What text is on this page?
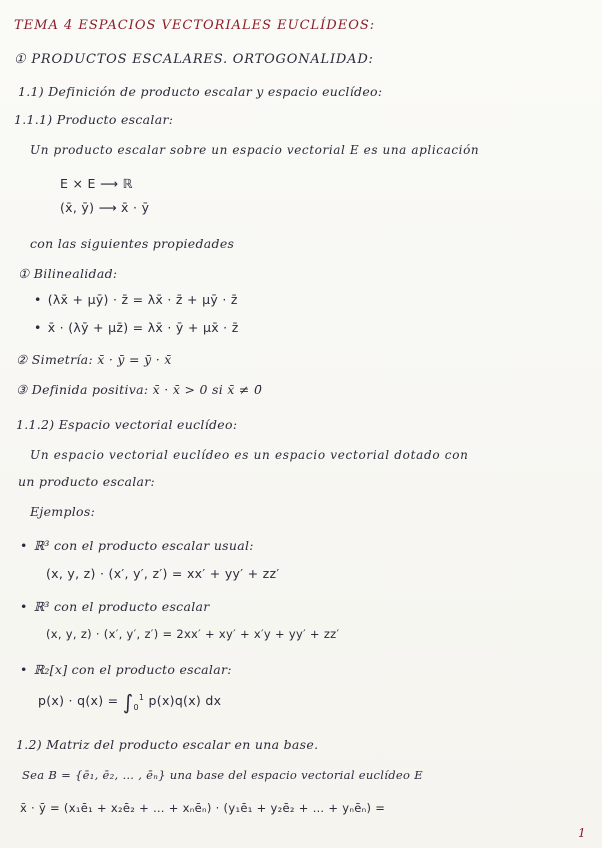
TEMA 4 ESPACIOS VECTORIALES EUCLÍDEOS:
① PRODUCTOS ESCALARES. ORTOGONALIDAD:
1.1) Definición de producto escalar y espacio euclídeo:
1.1.1) Producto escalar:
Un producto escalar sobre un espacio vectorial E es una aplicación
E × E ⟶ ℝ
(x̄, ȳ) ⟶ x̄ · ȳ
con las siguientes propiedades
① Bilinealidad:
• (λx̄ + μȳ) · z̄ = λx̄ · z̄ + μȳ · z̄
• x̄ · (λȳ + μz̄) = λx̄ · ȳ + μx̄ · z̄
② Simetría: x̄ · ȳ = ȳ · x̄
③ Definida positiva: x̄ · x̄ > 0 si x̄ ≠ 0̄
1.1.2) Espacio vectorial euclídeo:
Un espacio vectorial euclídeo es un espacio vectorial dotado con
un producto escalar:
Ejemplos:
• ℝ³ con el producto escalar usual:
(x, y, z) · (x′, y′, z′) = xx′ + yy′ + zz′
• ℝ³ con el producto escalar
(x, y, z) · (x′, y′, z′) = 2xx′ + xy′ + x′y + yy′ + zz′
• ℝ₂[x] con el producto escalar:
$p(x) \cdot q(x) = \int_0^1$ p(x)q(x) dx
1.2) Matriz del producto escalar en una base.
Sea B = {ē₁, ē₂, … , ēₙ} una base del espacio vectorial euclídeo E
x̄ · ȳ = (x₁ē₁ + x₂ē₂ + … + xₙēₙ) · (y₁ē₁ + y₂ē₂ + … + yₙēₙ) =
1
